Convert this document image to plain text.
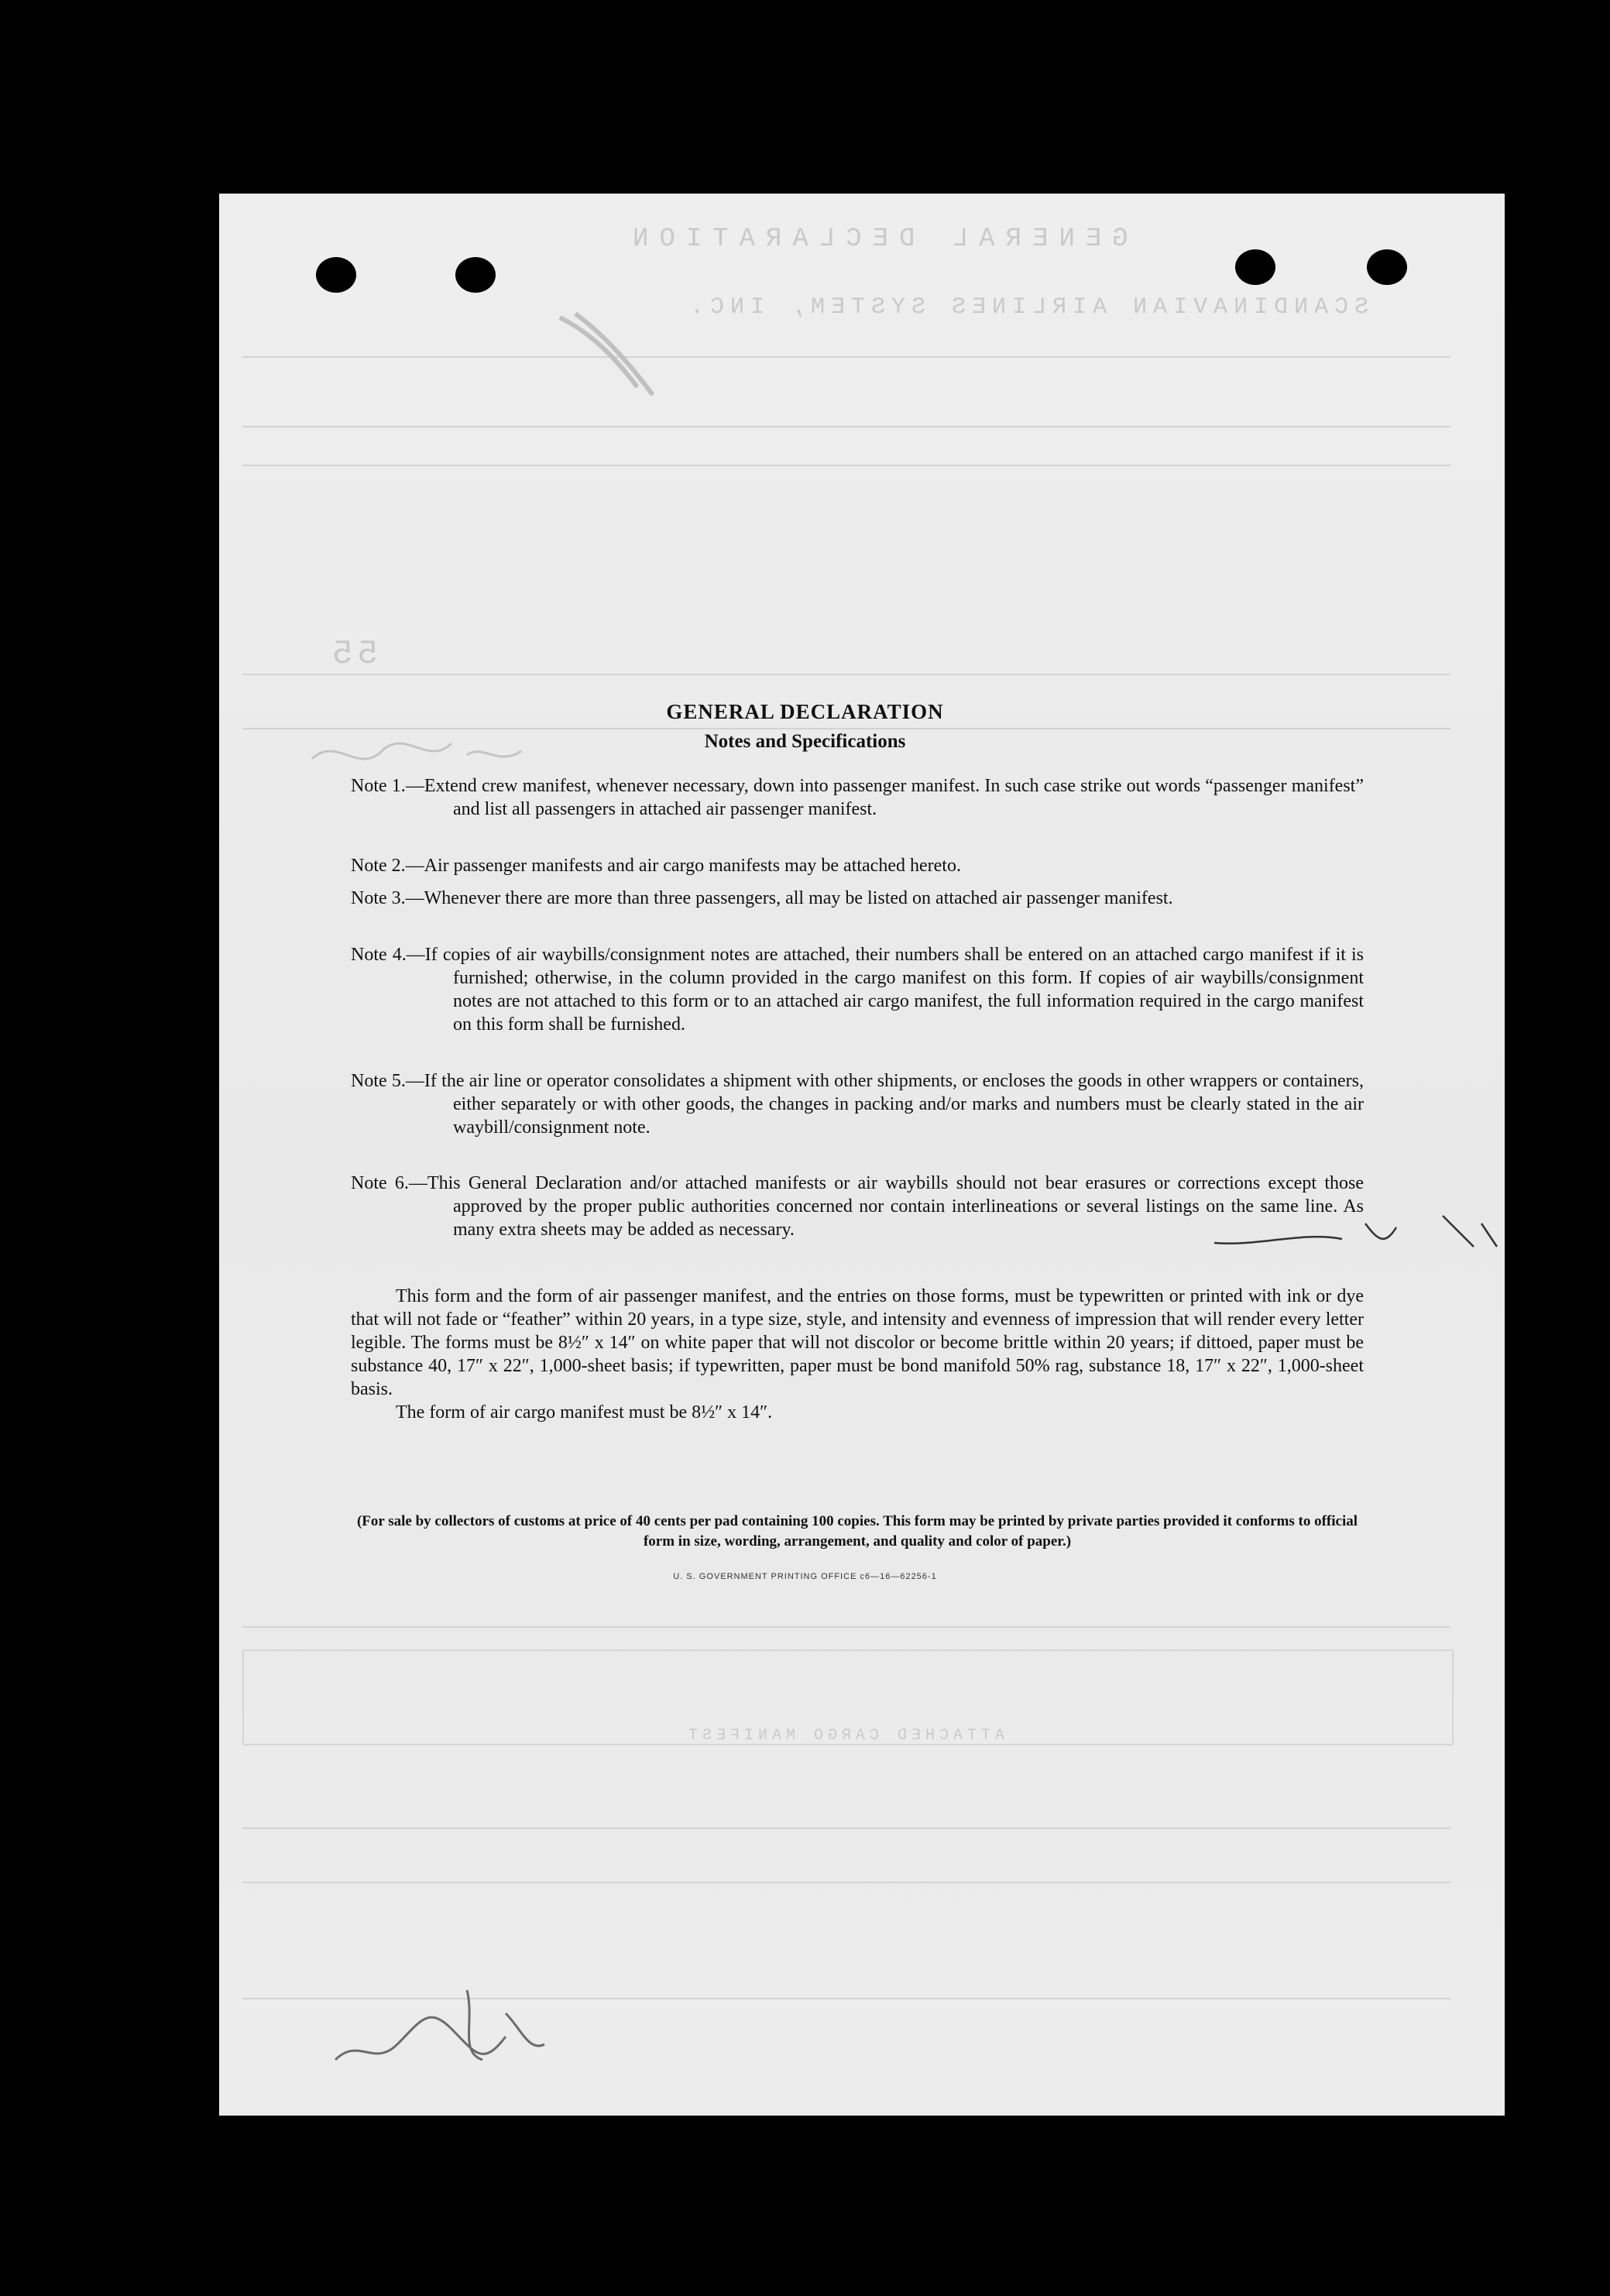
GENERAL DECLARATION
SCANDINAVIAN AIRLINES SYSTEM, INC.
55
ATTACHED CARGO MANIFEST
GENERAL DECLARATION
Notes and Specifications
Note 1.—Extend crew manifest, whenever necessary, down into passenger manifest. In such case strike out words “passenger manifest” and list all passengers in attached air passenger manifest.
Note 2.—Air passenger manifests and air cargo manifests may be attached hereto.
Note 3.—Whenever there are more than three passengers, all may be listed on attached air passenger manifest.
Note 4.—If copies of air waybills/consignment notes are attached, their numbers shall be entered on an attached cargo manifest if it is furnished; otherwise, in the column provided in the cargo manifest on this form. If copies of air waybills/consignment notes are not attached to this form or to an attached air cargo manifest, the full information required in the cargo manifest on this form shall be furnished.
Note 5.—If the air line or operator consolidates a shipment with other shipments, or encloses the goods in other wrappers or containers, either separately or with other goods, the changes in packing and/or marks and numbers must be clearly stated in the air waybill/consignment note.
Note 6.—This General Declaration and/or attached manifests or air waybills should not bear erasures or corrections except those approved by the proper public authorities concerned nor contain interlineations or several listings on the same line. As many extra sheets may be added as necessary.
This form and the form of air passenger manifest, and the entries on those forms, must be typewritten or printed with ink or dye that will not fade or “feather” within 20 years, in a type size, style, and intensity and evenness of impression that will render every letter legible. The forms must be 8½″ x 14″ on white paper that will not discolor or become brittle within 20 years; if dittoed, paper must be substance 40, 17″ x 22″, 1,000-sheet basis; if typewritten, paper must be bond manifold 50% rag, substance 18, 17″ x 22″, 1,000-sheet basis.
The form of air cargo manifest must be 8½″ x 14″.
(For sale by collectors of customs at price of 40 cents per pad containing 100 copies. This form may be printed by private parties provided it conforms to official form in size, wording, arrangement, and quality and color of paper.)
U. S. GOVERNMENT PRINTING OFFICE c6—16—62256-1
